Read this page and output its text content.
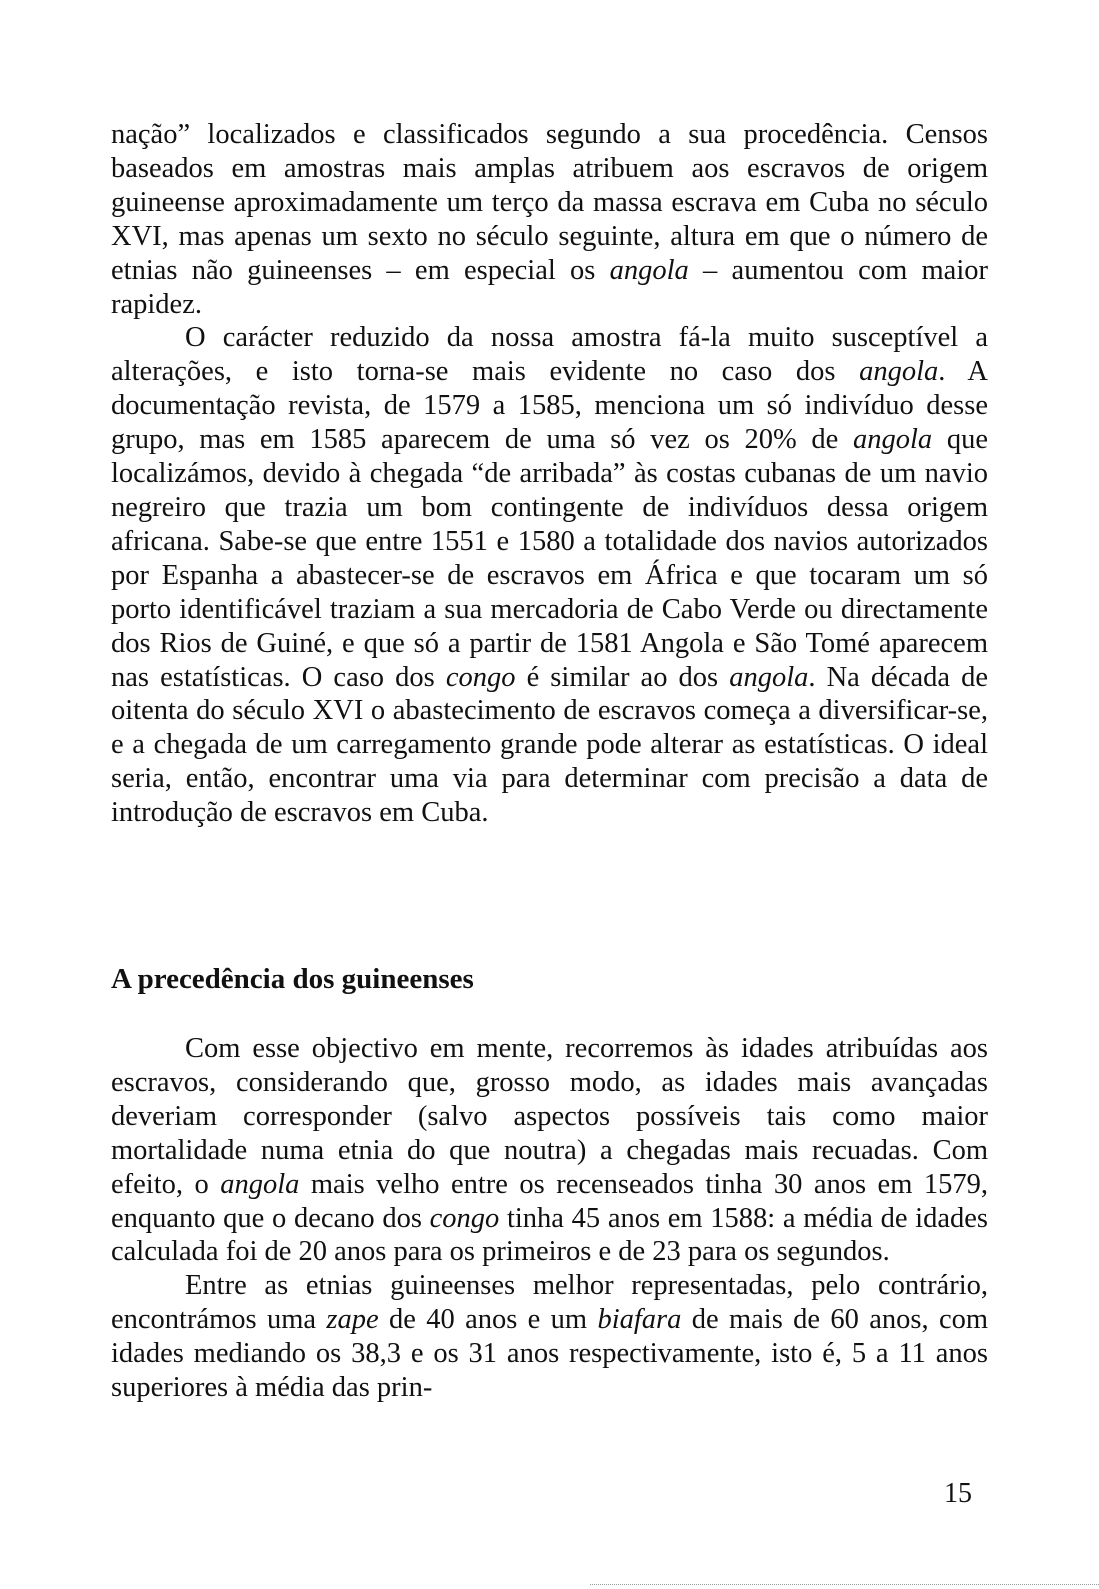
nação” localizados e classificados segundo a sua procedência. Censos baseados em amostras mais amplas atribuem aos escravos de origem guineense aproximadamente um terço da massa escrava em Cuba no século XVI, mas apenas um sexto no século seguinte, altura em que o número de etnias não guineenses – em especial os angola – aumentou com maior rapidez.

O carácter reduzido da nossa amostra fá-la muito susceptível a alterações, e isto torna-se mais evidente no caso dos angola. A documentação revista, de 1579 a 1585, menciona um só indivíduo desse grupo, mas em 1585 aparecem de uma só vez os 20% de angola que localizámos, devido à chegada “de arribada” às costas cubanas de um navio negreiro que trazia um bom contingente de indivíduos dessa origem africana. Sabe-se que entre 1551 e 1580 a totalidade dos navios autorizados por Espanha a abastecer-se de escravos em África e que tocaram um só porto identificável traziam a sua mercadoria de Cabo Verde ou directamente dos Rios de Guiné, e que só a partir de 1581 Angola e São Tomé aparecem nas estatísticas. O caso dos congo é similar ao dos angola. Na década de oitenta do século XVI o abastecimento de escravos começa a diversificar-se, e a chegada de um carregamento grande pode alterar as estatísticas. O ideal seria, então, encontrar uma via para determinar com precisão a data de introdução de escravos em Cuba.

A precedência dos guineenses

Com esse objectivo em mente, recorremos às idades atribuídas aos escravos, considerando que, grosso modo, as idades mais avançadas deveriam corresponder (salvo aspectos possíveis tais como maior mortalidade numa etnia do que noutra) a chegadas mais recuadas. Com efeito, o angola mais velho entre os recenseados tinha 30 anos em 1579, enquanto que o decano dos congo tinha 45 anos em 1588: a média de idades calculada foi de 20 anos para os primeiros e de 23 para os segundos.

Entre as etnias guineenses melhor representadas, pelo contrário, encontrámos uma zape de 40 anos e um biafara de mais de 60 anos, com idades mediando os 38,3 e os 31 anos respectivamente, isto é, 5 a 11 anos superiores à média das prin-

15
